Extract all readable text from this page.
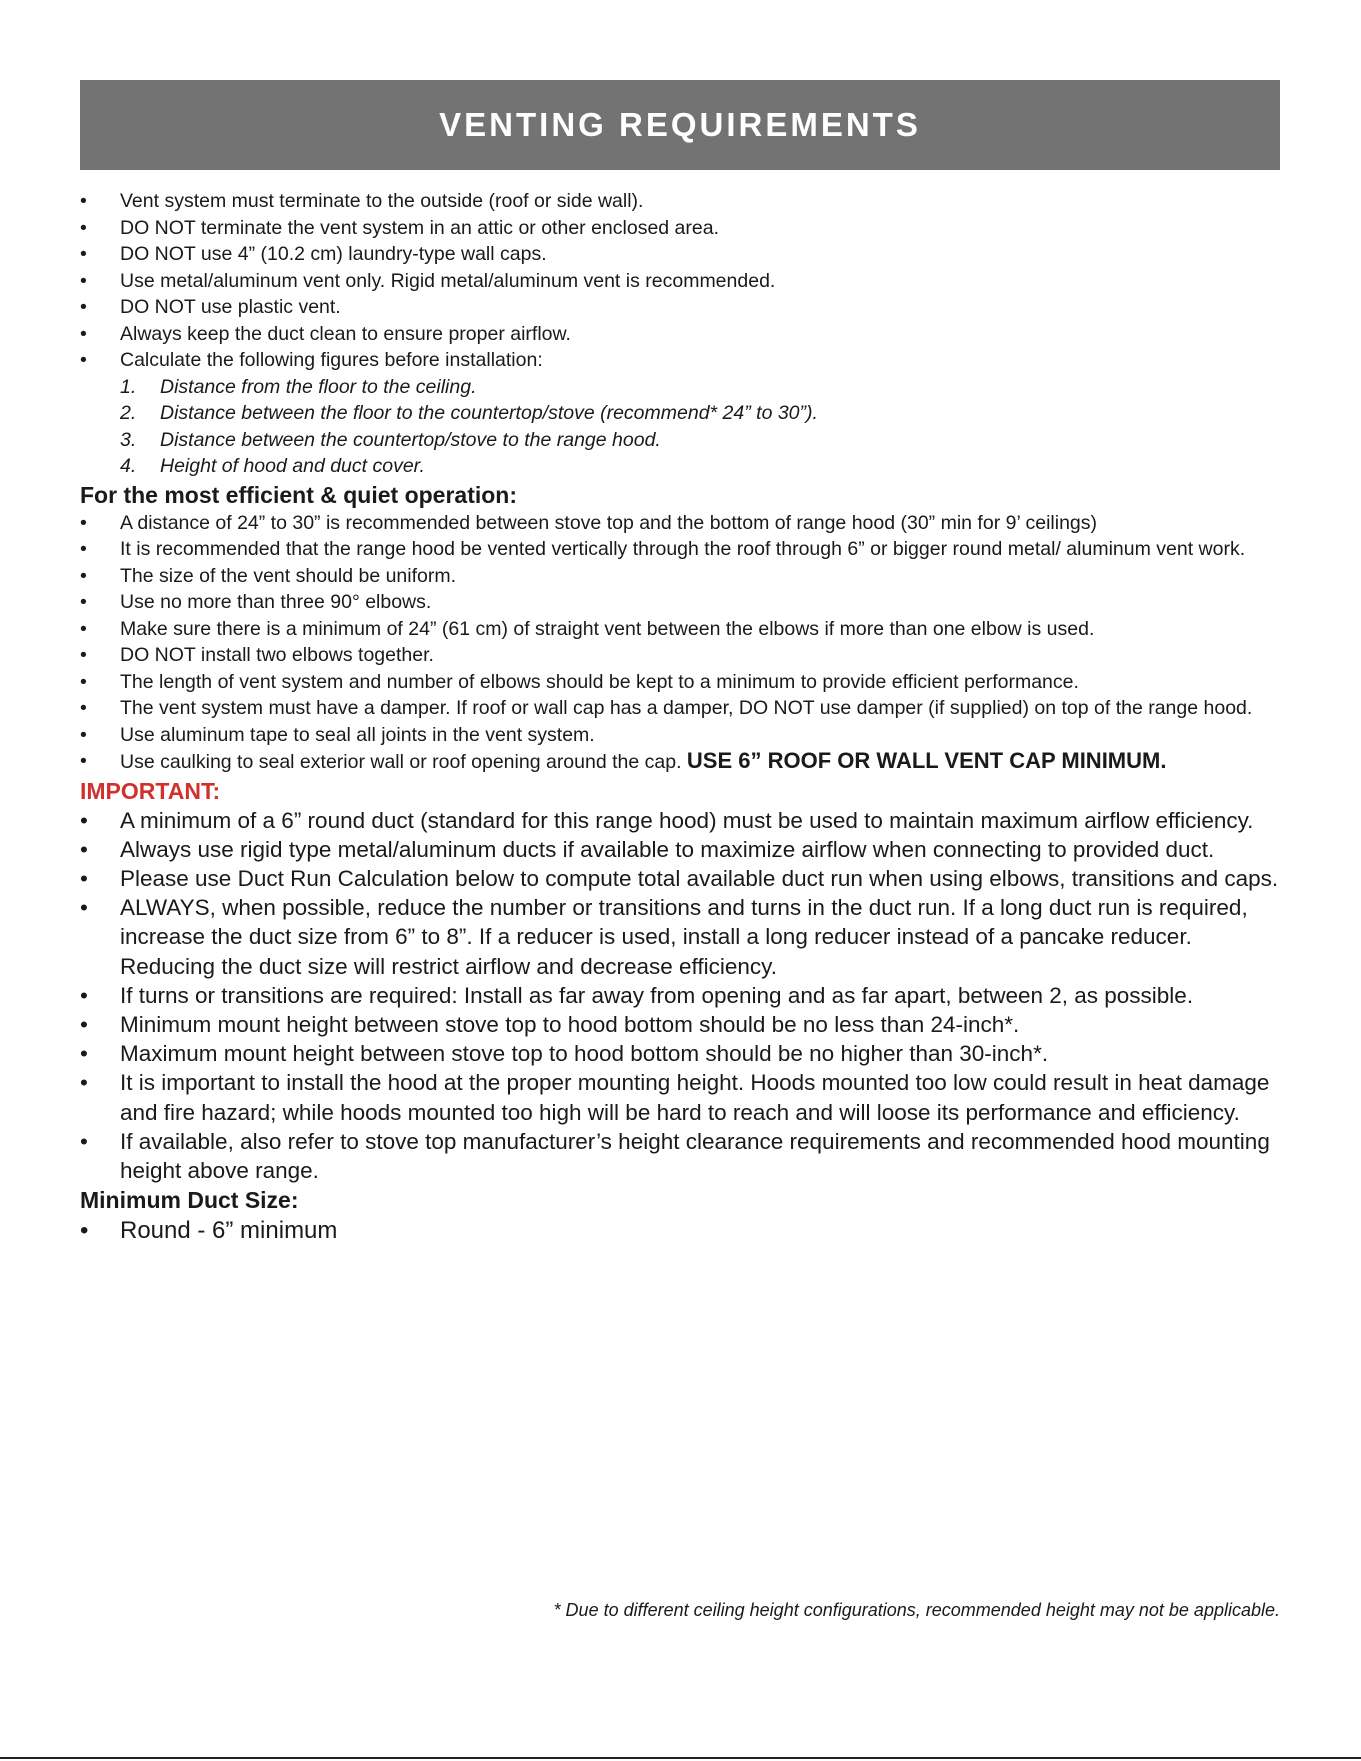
VENTING REQUIREMENTS
• Vent system must terminate to the outside (roof or side wall).
• DO NOT terminate the vent system in an attic or other enclosed area.
• DO NOT use 4” (10.2 cm) laundry-type wall caps.
• Use metal/aluminum vent only. Rigid metal/aluminum vent is recommended.
• DO NOT use plastic vent.
• Always keep the duct clean to ensure proper airflow.
• Calculate the following figures before installation:
1. Distance from the floor to the ceiling.
2. Distance between the floor to the countertop/stove (recommend* 24” to 30”).
3. Distance between the countertop/stove to the range hood.
4. Height of hood and duct cover.
For the most efficient & quiet operation:
• A distance of 24” to 30” is recommended between stove top and the bottom of range hood (30” min for 9’ ceilings)
• It is recommended that the range hood be vented vertically through the roof through 6” or bigger round metal/ aluminum vent work.
• The size of the vent should be uniform.
• Use no more than three 90° elbows.
• Make sure there is a minimum of 24” (61 cm) of straight vent between the elbows if more than one elbow is used.
• DO NOT install two elbows together.
• The length of vent system and number of elbows should be kept to a minimum to provide efficient performance.
• The vent system must have a damper. If roof or wall cap has a damper, DO NOT use damper (if supplied) on top of the range hood.
• Use aluminum tape to seal all joints in the vent system.
• Use caulking to seal exterior wall or roof opening around the cap. USE 6” ROOF OR WALL VENT CAP MINIMUM.
IMPORTANT:
• A minimum of a 6” round duct (standard for this range hood) must be used to maintain maximum airflow efficiency.
• Always use rigid type metal/aluminum ducts if available to maximize airflow when connecting to provided duct.
• Please use Duct Run Calculation below to compute total available duct run when using elbows, transitions and caps.
• ALWAYS, when possible, reduce the number or transitions and turns in the duct run. If a long duct run is required, increase the duct size from 6” to 8”. If a reducer is used, install a long reducer instead of a pancake reducer. Reducing the duct size will restrict airflow and decrease efficiency.
• If turns or transitions are required: Install as far away from opening and as far apart, between 2, as possible.
• Minimum mount height between stove top to hood bottom should be no less than 24-inch*.
• Maximum mount height between stove top to hood bottom should be no higher than 30-inch*.
• It is important to install the hood at the proper mounting height. Hoods mounted too low could result in heat damage and fire hazard; while hoods mounted too high will be hard to reach and will loose its performance and efficiency.
• If available, also refer to stove top manufacturer’s height clearance requirements and recommended hood mounting height above range.
Minimum Duct Size:
• Round - 6” minimum
* Due to different ceiling height configurations, recommended height may not be applicable.
